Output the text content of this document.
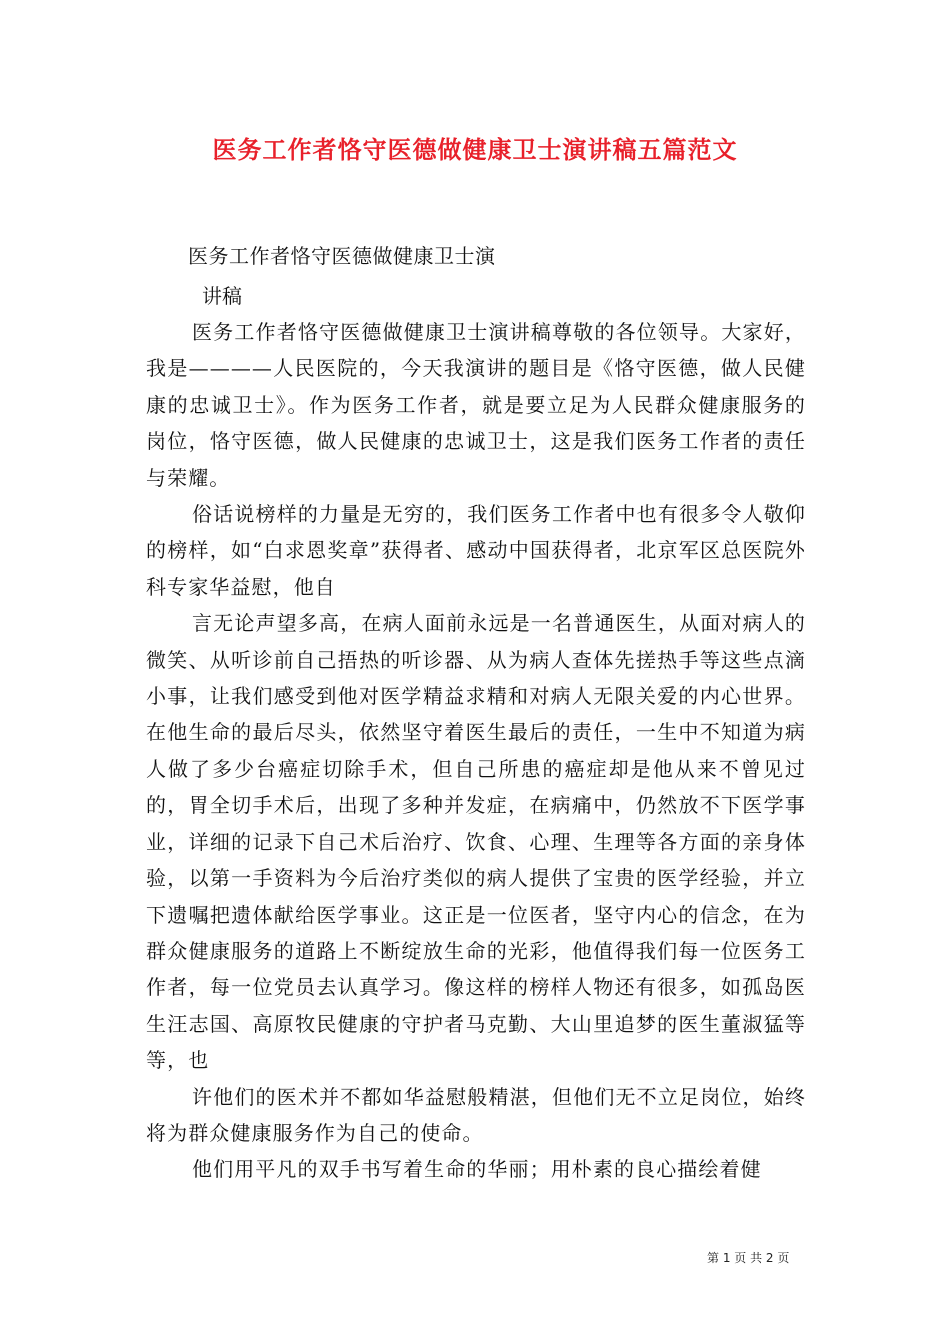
医务工作者恪守医德做健康卫士演讲稿五篇范文
医务工作者恪守医德做健康卫士演
讲稿

医务工作者恪守医德做健康卫士演讲稿尊敬的各位领导。大家好，我是————人民医院的，今天我演讲的题目是《恪守医德，做人民健康的忠诚卫士》。作为医务工作者，就是要立足为人民群众健康服务的岗位，恪守医德，做人民健康的忠诚卫士，这是我们医务工作者的责任与荣耀。

俗话说榜样的力量是无穷的，我们医务工作者中也有很多令人敬仰的榜样，如“白求恩奖章”获得者、感动中国获得者，北京军区总医院外科专家华益慰，他自

言无论声望多高，在病人面前永远是一名普通医生，从面对病人的微笑、从听诊前自己捂热的听诊器、从为病人查体先搓热手等这些点滴小事，让我们感受到他对医学精益求精和对病人无限关爱的内心世界。在他生命的最后尽头，依然坚守着医生最后的责任，一生中不知道为病人做了多少台癌症切除手术，但自己所患的癌症却是他从来不曾见过的，胃全切手术后，出现了多种并发症，在病痛中，仍然放不下医学事业，详细的记录下自己术后治疗、饮食、心理、生理等各方面的亲身体验，以第一手资料为今后治疗类似的病人提供了宝贵的医学经验，并立下遗嘱把遗体献给医学事业。这正是一位医者，坚守内心的信念，在为群众健康服务的道路上不断绽放生命的光彩，他值得我们每一位医务工作者，每一位党员去认真学习。像这样的榜样人物还有很多，如孤岛医生汪志国、高原牧民健康的守护者马克勤、大山里追梦的医生董淑猛等等，也

许他们的医术并不都如华益慰般精湛，但他们无不立足岗位，始终将为群众健康服务作为自己的使命。

他们用平凡的双手书写着生命的华丽；用朴素的良心描绘着健

第 1 页 共 2 页
